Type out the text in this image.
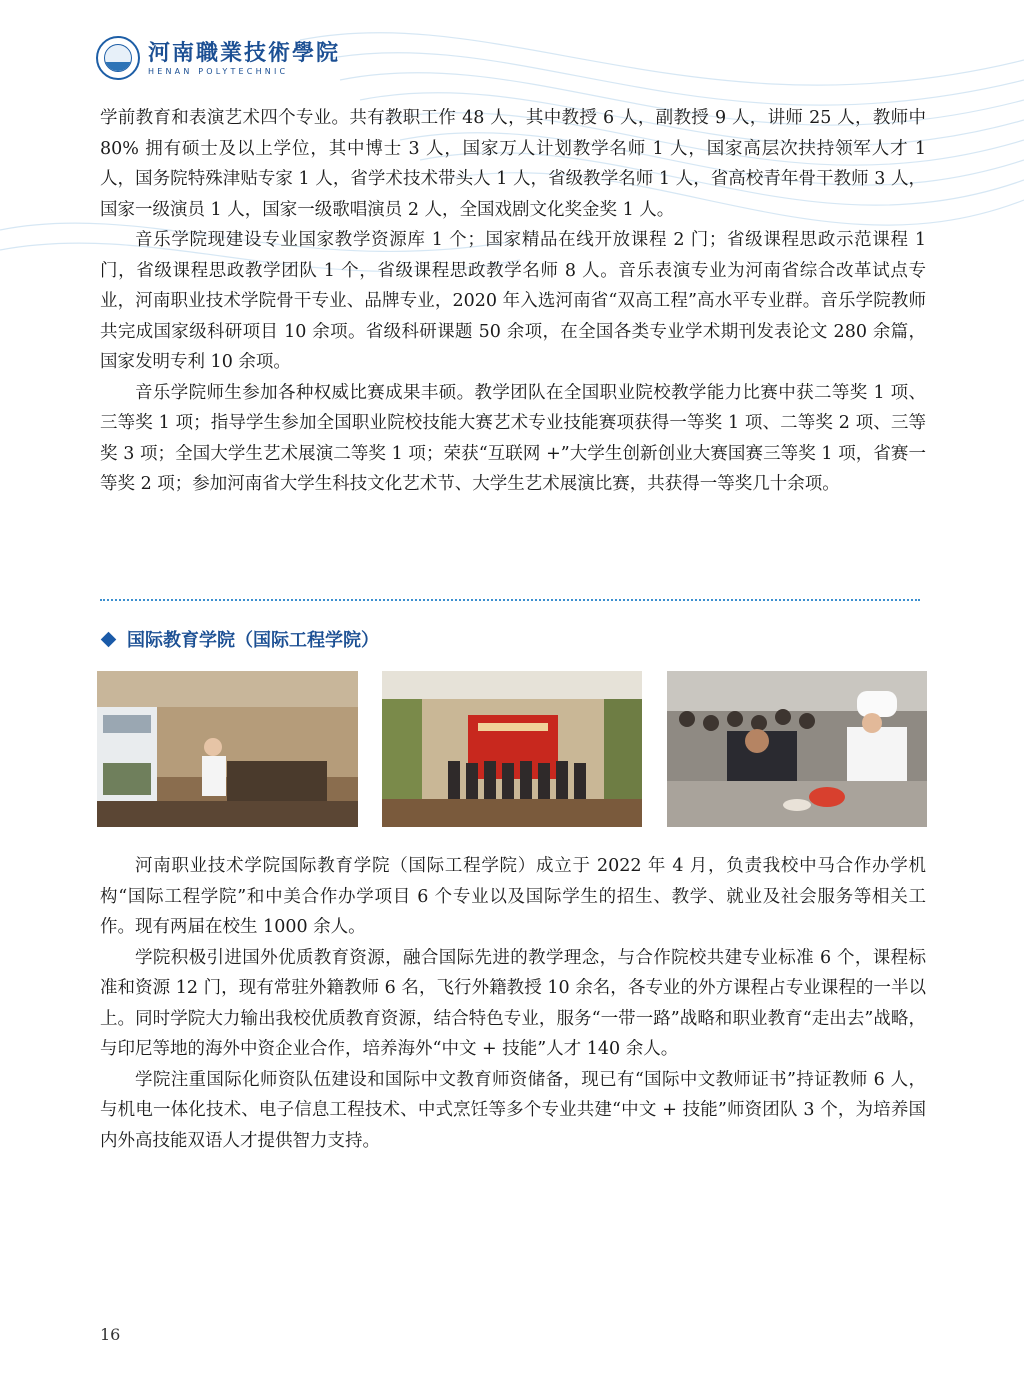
河南職業技術學院
HENAN POLYTECHNIC

学前教育和表演艺术四个专业。共有教职工作 48 人，其中教授 6 人，副教授 9 人，讲师 25 人，教师中 80% 拥有硕士及以上学位，其中博士 3 人，国家万人计划教学名师 1 人，国家高层次扶持领军人才 1 人，国务院特殊津贴专家 1 人，省学术技术带头人 1 人，省级教学名师 1 人，省高校青年骨干教师 3 人，国家一级演员 1 人，国家一级歌唱演员 2 人，全国戏剧文化奖金奖 1 人。

音乐学院现建设专业国家教学资源库 1 个；国家精品在线开放课程 2 门；省级课程思政示范课程 1 门，省级课程思政教学团队 1 个，省级课程思政教学名师 8 人。音乐表演专业为河南省综合改革试点专业，河南职业技术学院骨干专业、品牌专业，2020 年入选河南省“双高工程”高水平专业群。音乐学院教师共完成国家级科研项目 10 余项。省级科研课题 50 余项，在全国各类专业学术期刊发表论文 280 余篇，国家发明专利 10 余项。

音乐学院师生参加各种权威比赛成果丰硕。教学团队在全国职业院校教学能力比赛中获二等奖 1 项、三等奖 1 项；指导学生参加全国职业院校技能大赛艺术专业技能赛项获得一等奖 1 项、二等奖 2 项、三等奖 3 项；全国大学生艺术展演二等奖 1 项；荣获“互联网 +”大学生创新创业大赛国赛三等奖 1 项，省赛一等奖 2 项；参加河南省大学生科技文化艺术节、大学生艺术展演比赛，共获得一等奖几十余项。

国际教育学院（国际工程学院）

河南职业技术学院国际教育学院（国际工程学院）成立于 2022 年 4 月，负责我校中马合作办学机构“国际工程学院”和中美合作办学项目 6 个专业以及国际学生的招生、教学、就业及社会服务等相关工作。现有两届在校生 1000 余人。

学院积极引进国外优质教育资源，融合国际先进的教学理念，与合作院校共建专业标准 6 个，课程标准和资源 12 门，现有常驻外籍教师 6 名，飞行外籍教授 10 余名，各专业的外方课程占专业课程的一半以上。同时学院大力输出我校优质教育资源，结合特色专业，服务“一带一路”战略和职业教育“走出去”战略，与印尼等地的海外中资企业合作，培养海外“中文 + 技能”人才 140 余人。

学院注重国际化师资队伍建设和国际中文教育师资储备，现已有“国际中文教师证书”持证教师 6 人，与机电一体化技术、电子信息工程技术、中式烹饪等多个专业共建“中文 + 技能”师资团队 3 个，为培养国内外高技能双语人才提供智力支持。

16
